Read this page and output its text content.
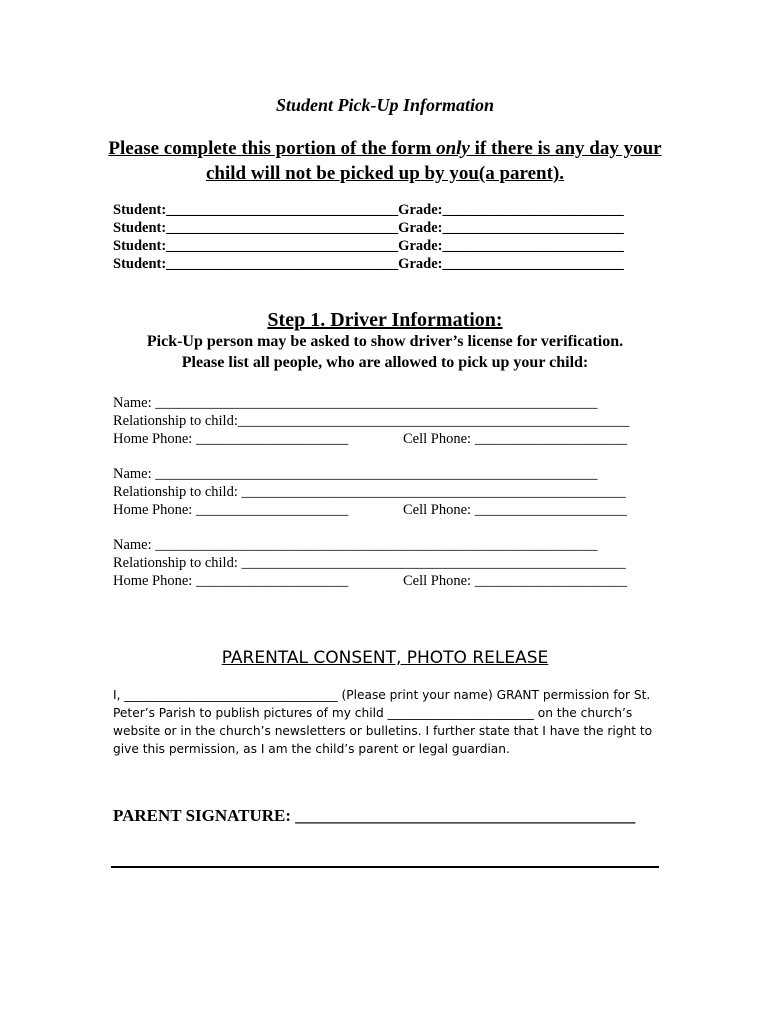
Student Pick-Up Information
Please complete this portion of the form only if there is any day your child will not be picked up by you(a parent).
Student:________________________________Grade:_________________________
Student:________________________________Grade:_________________________
Student:________________________________Grade:_________________________
Student:________________________________Grade:_________________________
Step 1. Driver Information:
Pick-Up person may be asked to show driver’s license for verification.
Please list all people, who are allowed to pick up your child:
Name: _____________________________________________________________
Relationship to child:______________________________________________________
Home Phone: _____________________	Cell Phone: _____________________
Name: _____________________________________________________________
Relationship to child: _____________________________________________________
Home Phone: _____________________	Cell Phone: _____________________
Name: _____________________________________________________________
Relationship to child: _____________________________________________________
Home Phone: _____________________	Cell Phone: _____________________
PARENTAL CONSENT, PHOTO RELEASE
I, ___________________________________ (Please print your name) GRANT permission for St. Peter’s Parish to publish pictures of my child ________________________ on the church’s website or in the church’s newsletters or bulletins. I further state that I have the right to give this permission, as I am the child’s parent or legal guardian.
PARENT SIGNATURE: ________________________________________
